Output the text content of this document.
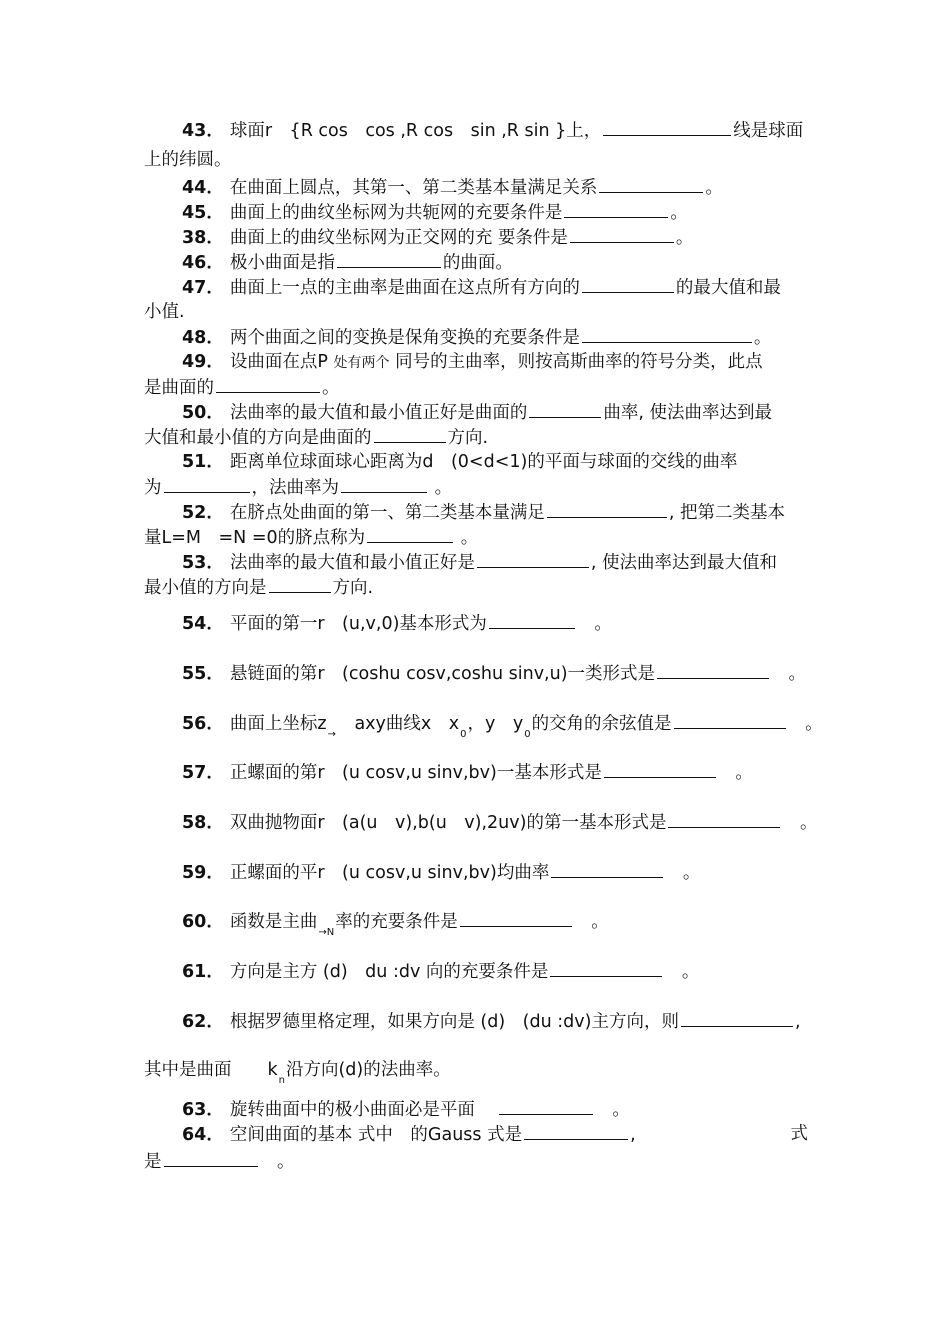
43． 球面r　{R cos　cos ,R cos　sin ,R sin }上，	线是球面
上的纬圆。
44． 在曲面上圆点，其第一、第二类基本量满足关系	。
45． 曲面上的曲纹坐标网为共轭网的充要条件是	。
38． 曲面上的曲纹坐标网为正交网的充 要条件是	。
46． 极小曲面是指	的曲面。
47． 曲面上一点的主曲率是曲面在这点所有方向的	的最大值和最
小值.
48． 两个曲面之间的变换是保角变换的充要条件是	。
49． 设曲面在点P 处有两个 同号的主曲率，则按高斯曲率的符号分类，此点
是曲面的	。
50． 法曲率的最大值和最小值正好是曲面的	曲率, 使法曲率达到最
大值和最小值的方向是曲面的	方向.
51． 距离单位球面球心距离为d　(0<d<1)的平面与球面的交线的曲率
为	，法曲率为	。
52． 在脐点处曲面的第一、第二类基本量满足	, 把第二类基本
量L=M　=N =0的脐点称为	。
53． 法曲率的最大值和最小值正好是	, 使法曲率达到最大值和
最小值的方向是	方向.
54． 平面的第一r　(u,v,0)基本形式为　	。
55． 悬链面的第r　(coshu cosv,coshu sinv,u)一类形式是　	。
56． 曲面上坐标$z_\to$　axy曲线x　$x_0$，y　$y_0$的交角的余弦值是　	。
57． 正螺面的第r　(u cosv,u sinv,bv)一基本形式是　	。
58． 双曲抛物面r　(a(u　v),b(u　v),2uv)的第一基本形式是　	。
59． 正螺面的平r　(u cosv,u sinv,bv)均曲率　	。
60． 函数是主曲$_{\to N}$率的充要条件是　	。
61． 方向是主方 (d)　du :dv 向的充要条件是　	。
62． 根据罗德里格定理，如果方向是 (d)　(du :dv)主方向，则	,
其中是曲面 $k_n$沿方向(d)的法曲率。
63． 旋转曲面中的极小曲面必是平面　	。
64． 空间曲面的基本 式中　的Gauss 式是	,	式
是　	。
